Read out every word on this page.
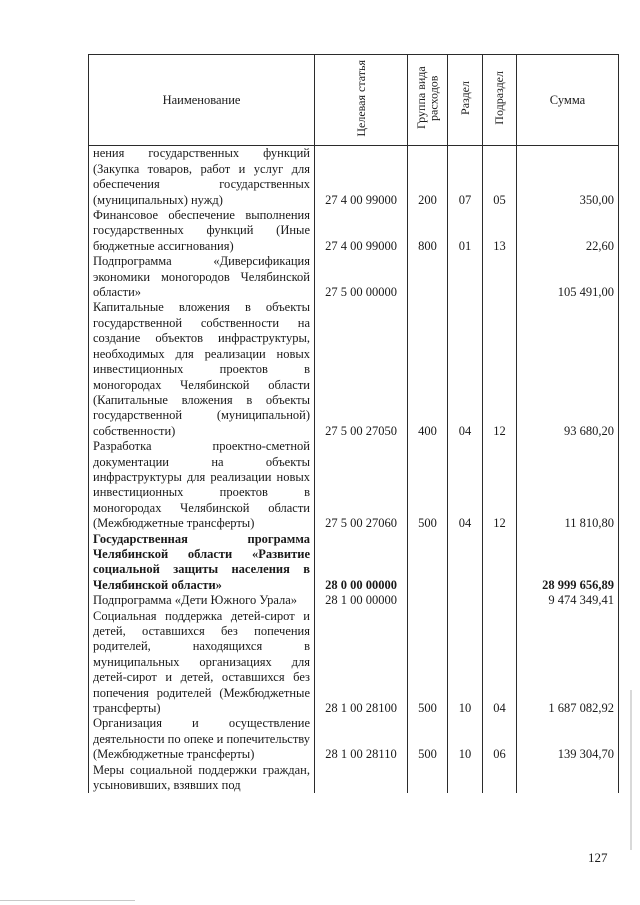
Наименование	Целевая статья	Группа вида расходов	Раздел	Подраздел	Сумма
нения государственных функций (Закупка товаров, работ и услуг для обеспечения государственных (муниципальных) нужд)	27 4 00 99000	200	07	05	350,00
Финансовое обеспечение выполнения государственных функций (Иные бюджетные ассигнования)	27 4 00 99000	800	01	13	22,60
Подпрограмма «Диверсификация экономики моногородов Челябинской области»	27 5 00 00000				105 491,00
Капитальные вложения в объекты государственной собственности на создание объектов инфраструктуры, необходимых для реализации новых инвестиционных проектов в моногородах Челябинской области (Капитальные вложения в объекты государственной (муниципальной) собственности)	27 5 00 27050	400	04	12	93 680,20
Разработка проектно-сметной документации на объекты инфраструктуры для реализации новых инвестиционных проектов в моногородах Челябинской области (Межбюджетные трансферты)	27 5 00 27060	500	04	12	11 810,80
Государственная программа Челябинской области «Развитие социальной защиты населения в Челябинской области»	28 0 00 00000				28 999 656,89
Подпрограмма «Дети Южного Урала»	28 1 00 00000				9 474 349,41
Социальная поддержка детей-сирот и детей, оставшихся без попечения родителей, находящихся в муниципальных организациях для детей-сирот и детей, оставшихся без попечения родителей (Межбюджетные трансферты)	28 1 00 28100	500	10	04	1 687 082,92
Организация и осуществление деятельности по опеке и попечительству (Межбюджетные трансферты)	28 1 00 28110	500	10	06	139 304,70
Меры социальной поддержки граждан, усыновивших, взявших под					
127
